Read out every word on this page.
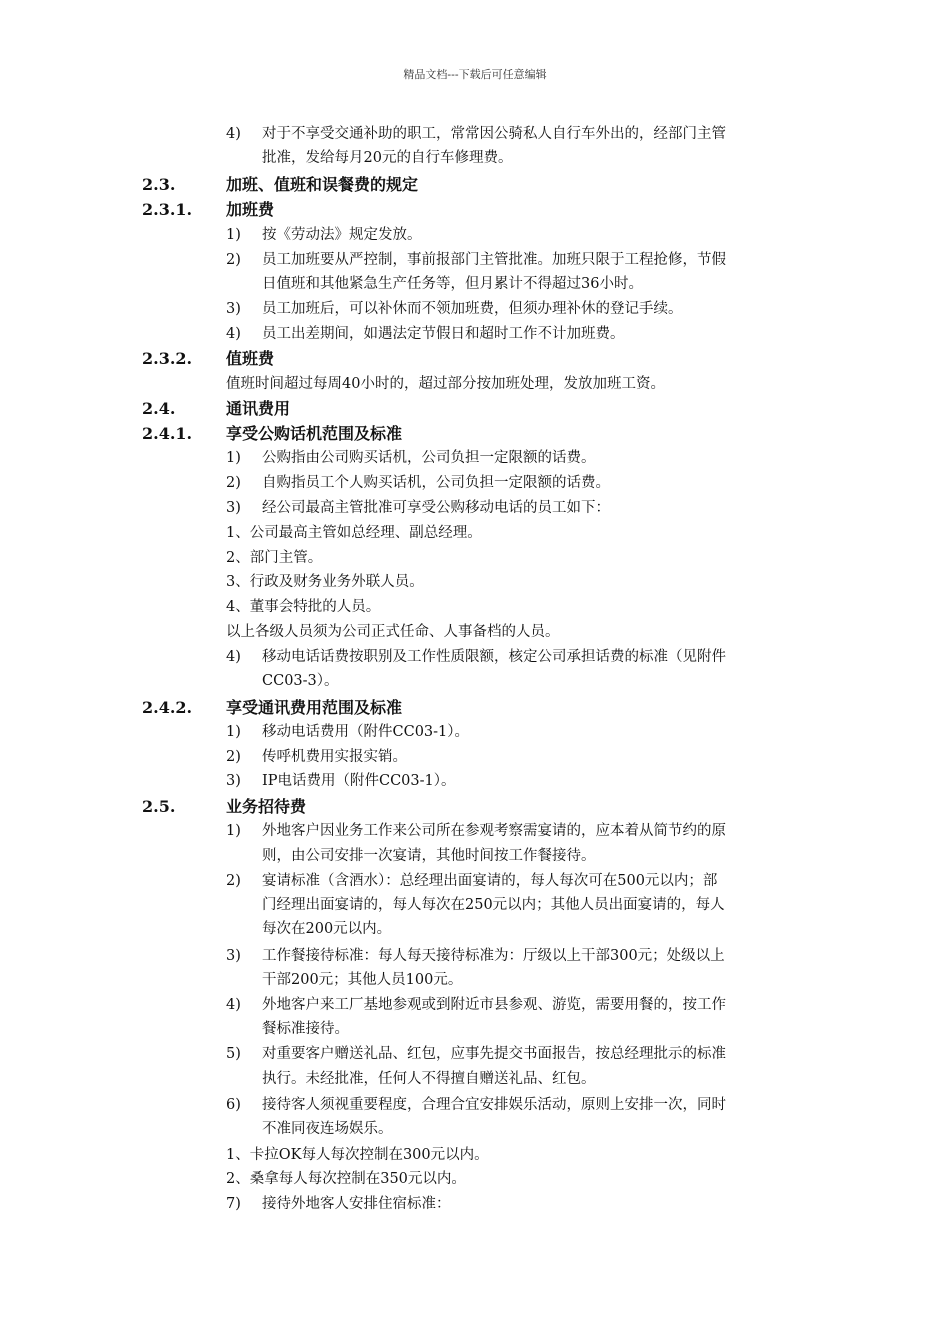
精品文档---下载后可任意编辑
4) 对于不享受交通补助的职工，常常因公骑私人自行车外出的，经部门主管
批准，发给每月20元的自行车修理费。
2.3.	加班、值班和误餐费的规定
2.3.1. 加班费
1) 按《劳动法》规定发放。
2) 员工加班要从严控制，事前报部门主管批准。加班只限于工程抢修，节假
日值班和其他紧急生产任务等，但月累计不得超过36小时。
3) 员工加班后，可以补休而不领加班费，但须办理补休的登记手续。
4) 员工出差期间，如遇法定节假日和超时工作不计加班费。
2.3.2. 值班费
值班时间超过每周40小时的，超过部分按加班处理，发放加班工资。
2.4.	通讯费用
2.4.1. 享受公购话机范围及标准
1) 公购指由公司购买话机，公司负担一定限额的话费。
2) 自购指员工个人购买话机，公司负担一定限额的话费。
3) 经公司最高主管批准可享受公购移动电话的员工如下：
1、公司最高主管如总经理、副总经理。
2、部门主管。
3、行政及财务业务外联人员。
4、董事会特批的人员。
以上各级人员须为公司正式任命、人事备档的人员。
4) 移动电话话费按职别及工作性质限额，核定公司承担话费的标准（见附件
CC03-3）。
2.4.2. 享受通讯费用范围及标准
1) 移动电话费用（附件CC03-1）。
2) 传呼机费用实报实销。
3) IP电话费用（附件CC03-1）。
2.5.	业务招待费
1) 外地客户因业务工作来公司所在参观考察需宴请的，应本着从简节约的原
则，由公司安排一次宴请，其他时间按工作餐接待。
2) 宴请标准（含酒水）：总经理出面宴请的，每人每次可在500元以内；部
门经理出面宴请的，每人每次在250元以内；其他人员出面宴请的，每人
每次在200元以内。
3) 工作餐接待标准：每人每天接待标准为：厅级以上干部300元；处级以上
干部200元；其他人员100元。
4) 外地客户来工厂基地参观或到附近市县参观、游览，需要用餐的，按工作
餐标准接待。
5) 对重要客户赠送礼品、红包，应事先提交书面报告，按总经理批示的标准
执行。未经批准，任何人不得擅自赠送礼品、红包。
6) 接待客人须视重要程度，合理合宜安排娱乐活动，原则上安排一次，同时
不准同夜连场娱乐。
1、卡拉OK每人每次控制在300元以内。
2、桑拿每人每次控制在350元以内。
7) 接待外地客人安排住宿标准：
